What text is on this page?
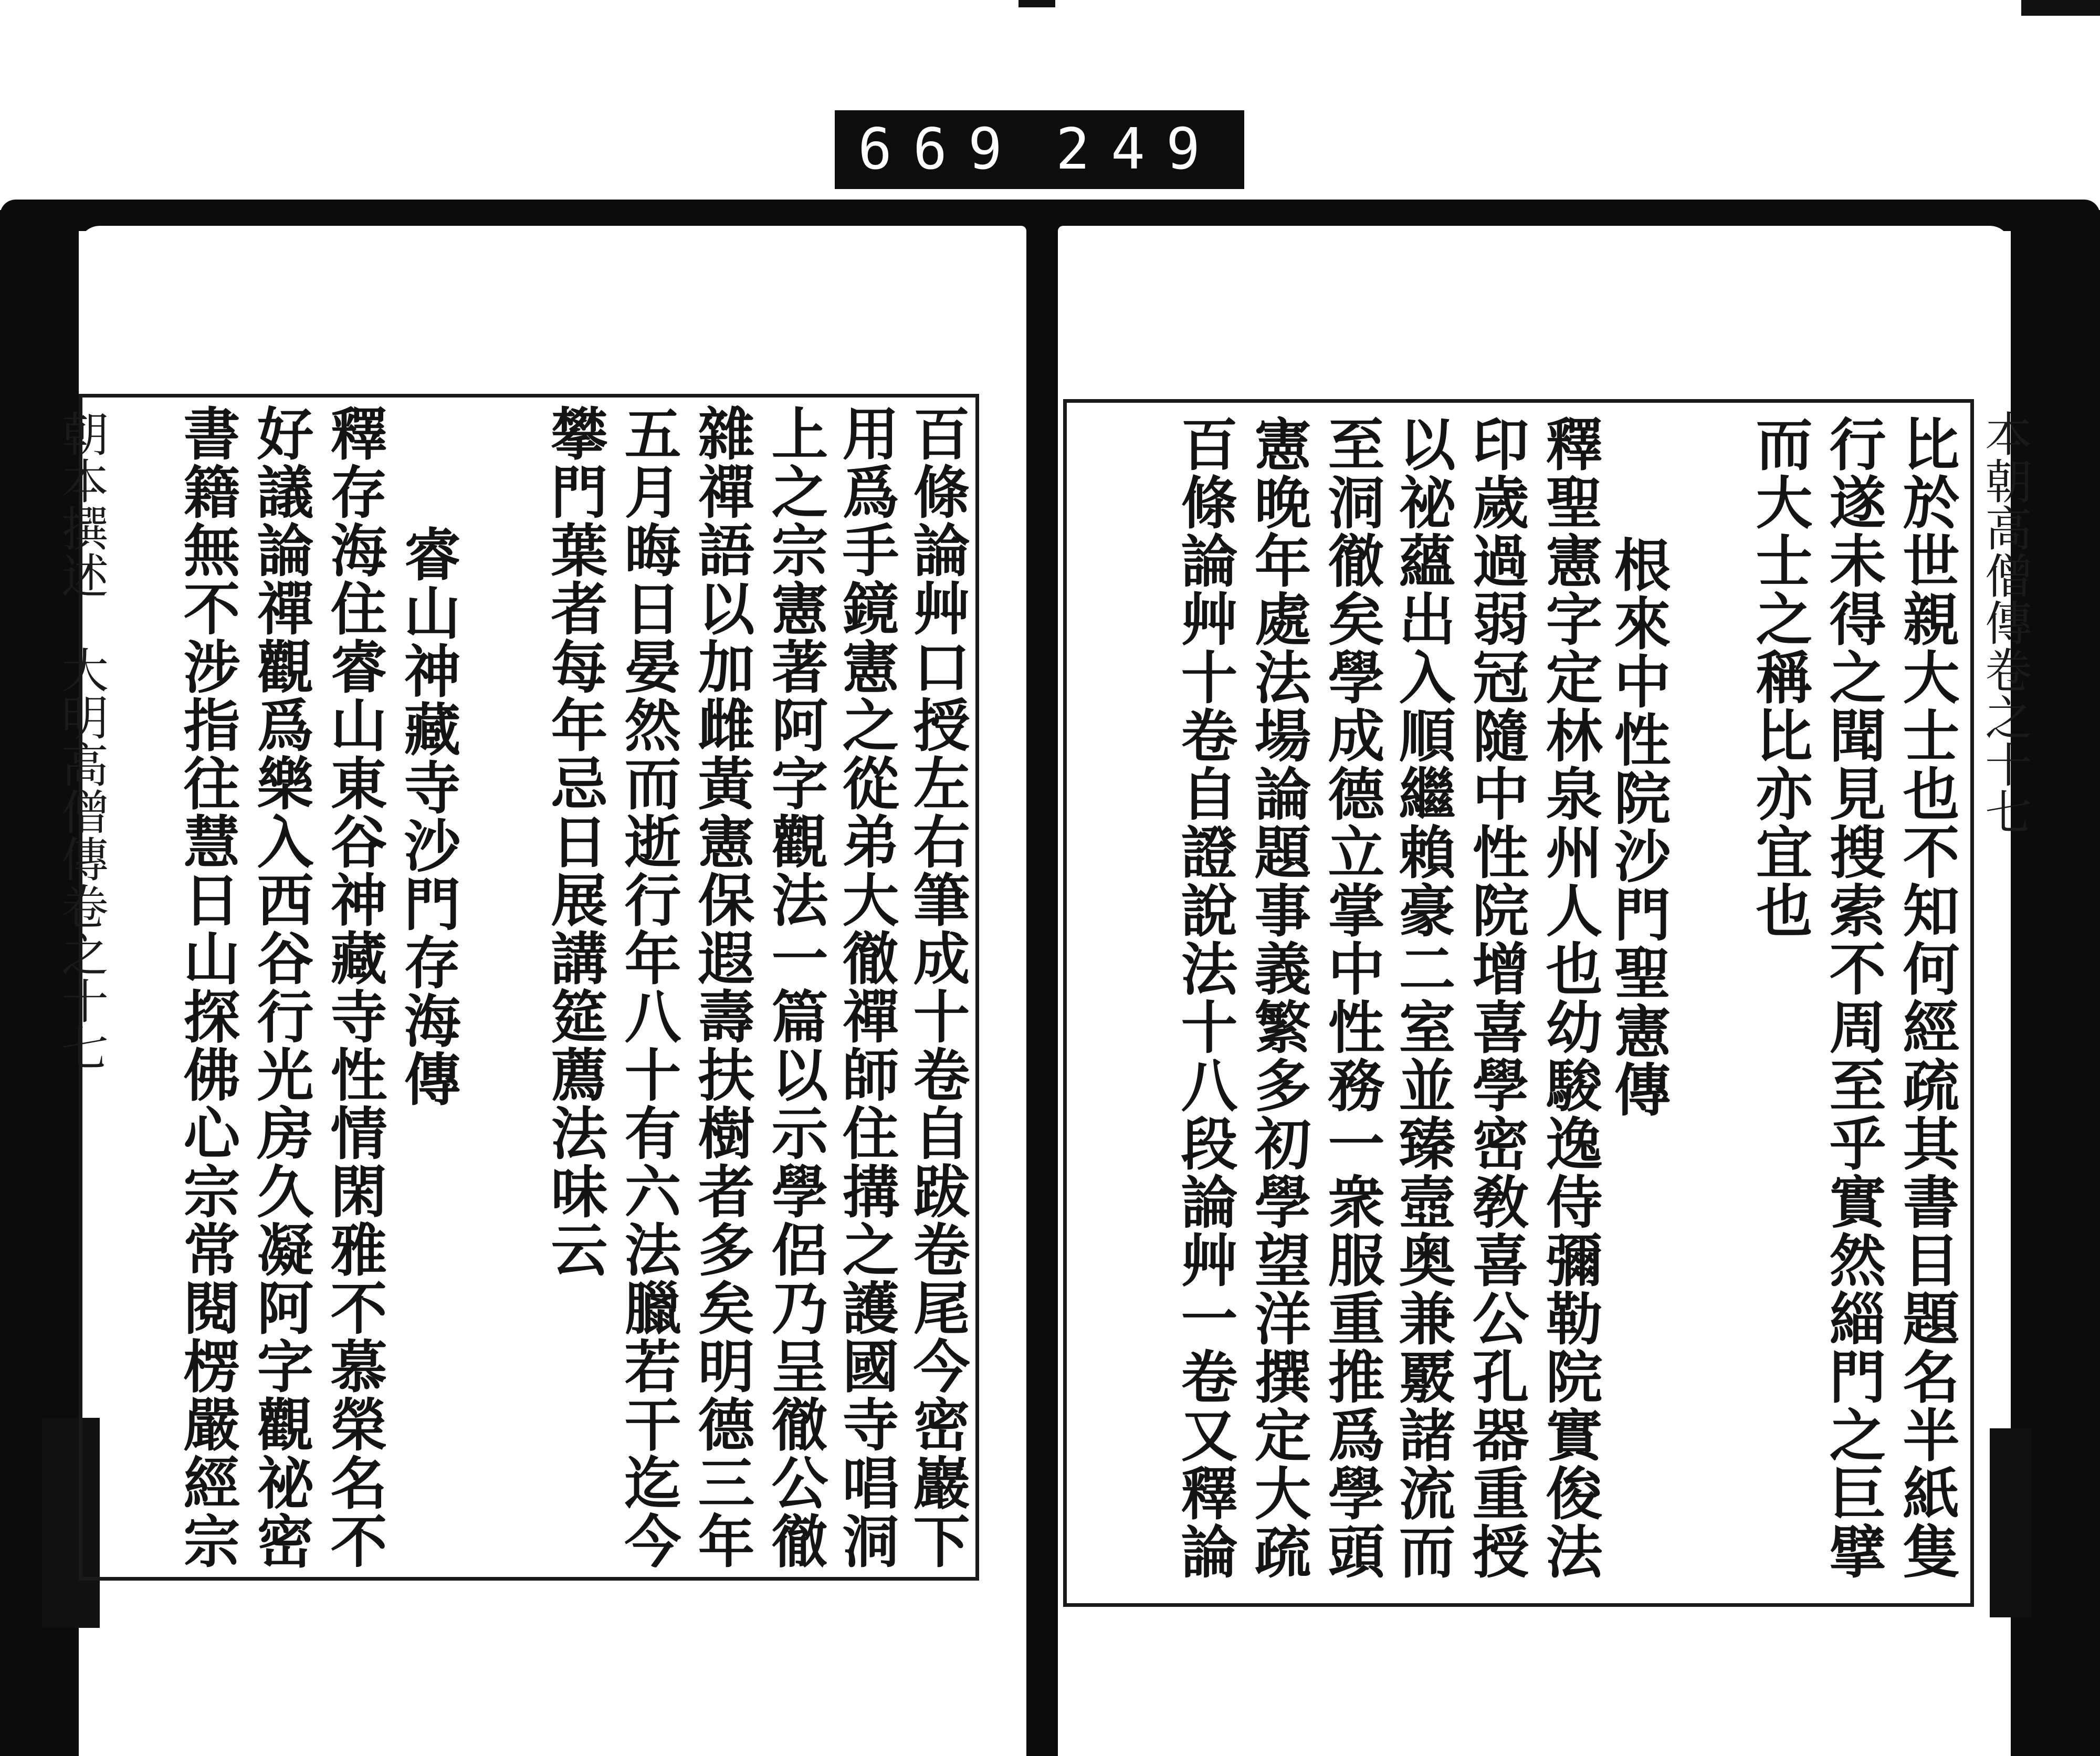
669 249
朝本撰述　大明高僧傳卷之十七	百條論艸口授左右筆成十卷自跋卷尾今密巖下
用爲手鏡憲之從弟大徹禪師住搆之護國寺唱洞
上之宗憲著阿字觀法一篇以示學侶乃呈徹公徹
雜禪語以加雌黃憲保遐壽扶樹者多矣明德三年
五月晦日晏然而逝行年八十有六法臘若干迄今
攀門葉者每年忌日展講筵薦法味云
睿山神藏寺沙門存海傳
釋存海住睿山東谷神藏寺性情閑雅不慕榮名不
好議論禪觀爲樂入西谷行光房久凝阿字觀祕密
書籍無不涉指往慧日山探佛心宗常閱楞嚴經宗	本朝高僧傳卷之十七
比於世親大士也不知何經疏其書目題名半紙隻
行遂未得之聞見搜索不周至乎實然緇門之巨擘
而大士之稱比亦宜也
根來中性院沙門聖憲傳
釋聖憲字定林泉州人也幼駿逸侍彌勒院實俊法
印歲過弱冠隨中性院增喜學密敎喜公孔器重授
以祕蘊出入順繼賴豪二室並臻壼奥兼覈諸流而
至洞徹矣學成德立掌中性務一衆服重推爲學頭
憲晚年處法場論題事義繁多初學望洋撰定大疏
百條論艸十卷自證說法十八段論艸一卷又釋論
